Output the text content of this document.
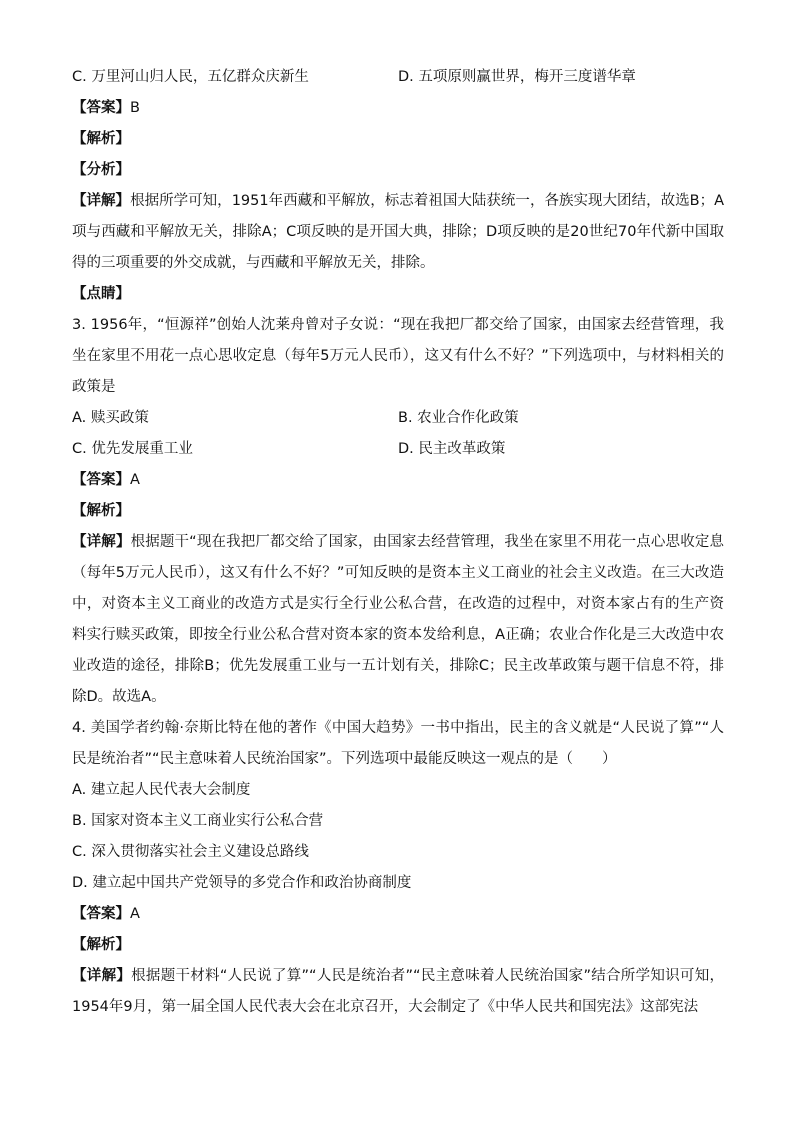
C. 万里河山归人民，五亿群众庆新生	D. 五项原则赢世界，梅开三度谱华章
【答案】B
【解析】
【分析】
【详解】根据所学可知，1951年西藏和平解放，标志着祖国大陆获统一，各族实现大团结，故选B；A项与西藏和平解放无关，排除A；C项反映的是开国大典，排除；D项反映的是20世纪70年代新中国取得的三项重要的外交成就，与西藏和平解放无关，排除。
【点睛】
3. 1956年，“恒源祥”创始人沈莱舟曾对子女说：“现在我把厂都交给了国家，由国家去经营管理，我坐在家里不用花一点心思收定息（每年5万元人民币），这又有什么不好？”下列选项中，与材料相关的政策是
A. 赎买政策	B. 农业合作化政策
C. 优先发展重工业	D. 民主改革政策
【答案】A
【解析】
【详解】根据题干“现在我把厂都交给了国家，由国家去经营管理，我坐在家里不用花一点心思收定息（每年5万元人民币），这又有什么不好？”可知反映的是资本主义工商业的社会主义改造。在三大改造中，对资本主义工商业的改造方式是实行全行业公私合营，在改造的过程中，对资本家占有的生产资料实行赎买政策，即按全行业公私合营对资本家的资本发给利息，A正确；农业合作化是三大改造中农业改造的途径，排除B；优先发展重工业与一五计划有关，排除C；民主改革政策与题干信息不符，排除D。故选A。
4. 美国学者约翰·奈斯比特在他的著作《中国大趋势》一书中指出，民主的含义就是“人民说了算”“人民是统治者”“民主意味着人民统治国家”。下列选项中最能反映这一观点的是（　　）
A. 建立起人民代表大会制度
B. 国家对资本主义工商业实行公私合营
C. 深入贯彻落实社会主义建设总路线
D. 建立起中国共产党领导的多党合作和政治协商制度
【答案】A
【解析】
【详解】根据题干材料“人民说了算”“人民是统治者”“民主意味着人民统治国家”结合所学知识可知，1954年9月，第一届全国人民代表大会在北京召开，大会制定了《中华人民共和国宪法》这部宪法
